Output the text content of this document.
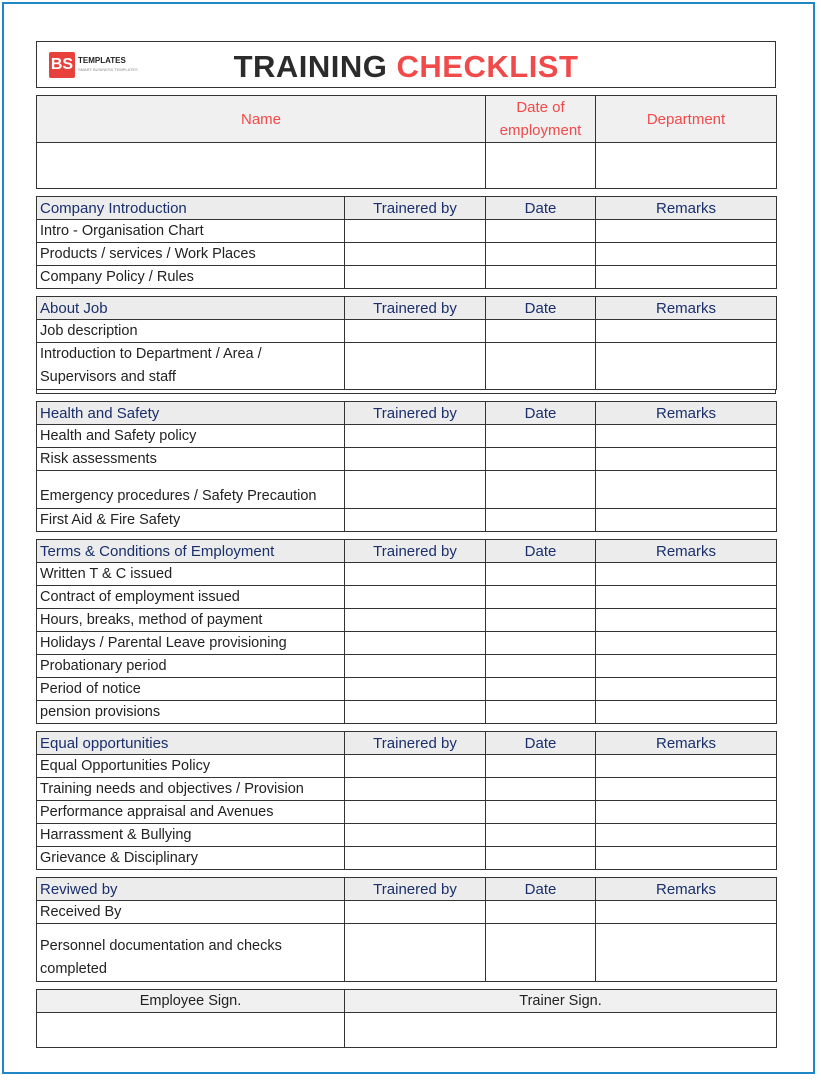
BS TEMPLATES
SMART BUSINESS TEMPLATES	TRAINING CHECKLIST
Name	Date of employment	Department

Company Introduction	Trainered by	Date	Remarks
Intro - Organisation Chart			
Products / services / Work Places			
Company Policy / Rules			
About Job	Trainered by	Date	Remarks
Job description			
Introduction to Department / Area / Supervisors and staff			
Health and Safety	Trainered by	Date	Remarks
Health and Safety policy			
Risk assessments			
Emergency procedures / Safety Precaution			
First Aid & Fire Safety			
Terms & Conditions of Employment	Trainered by	Date	Remarks
Written T & C issued			
Contract of employment issued			
Hours, breaks, method of payment			
Holidays / Parental Leave provisioning			
Probationary period			
Period of notice			
pension provisions			
Equal opportunities	Trainered by	Date	Remarks
Equal Opportunities Policy			
Training needs and objectives / Provision			
Performance appraisal and Avenues			
Harrassment & Bullying			
Grievance & Disciplinary			
Reviwed by	Trainered by	Date	Remarks
Received By			
Personnel documentation and checks completed			
Employee Sign.	Trainer Sign.
